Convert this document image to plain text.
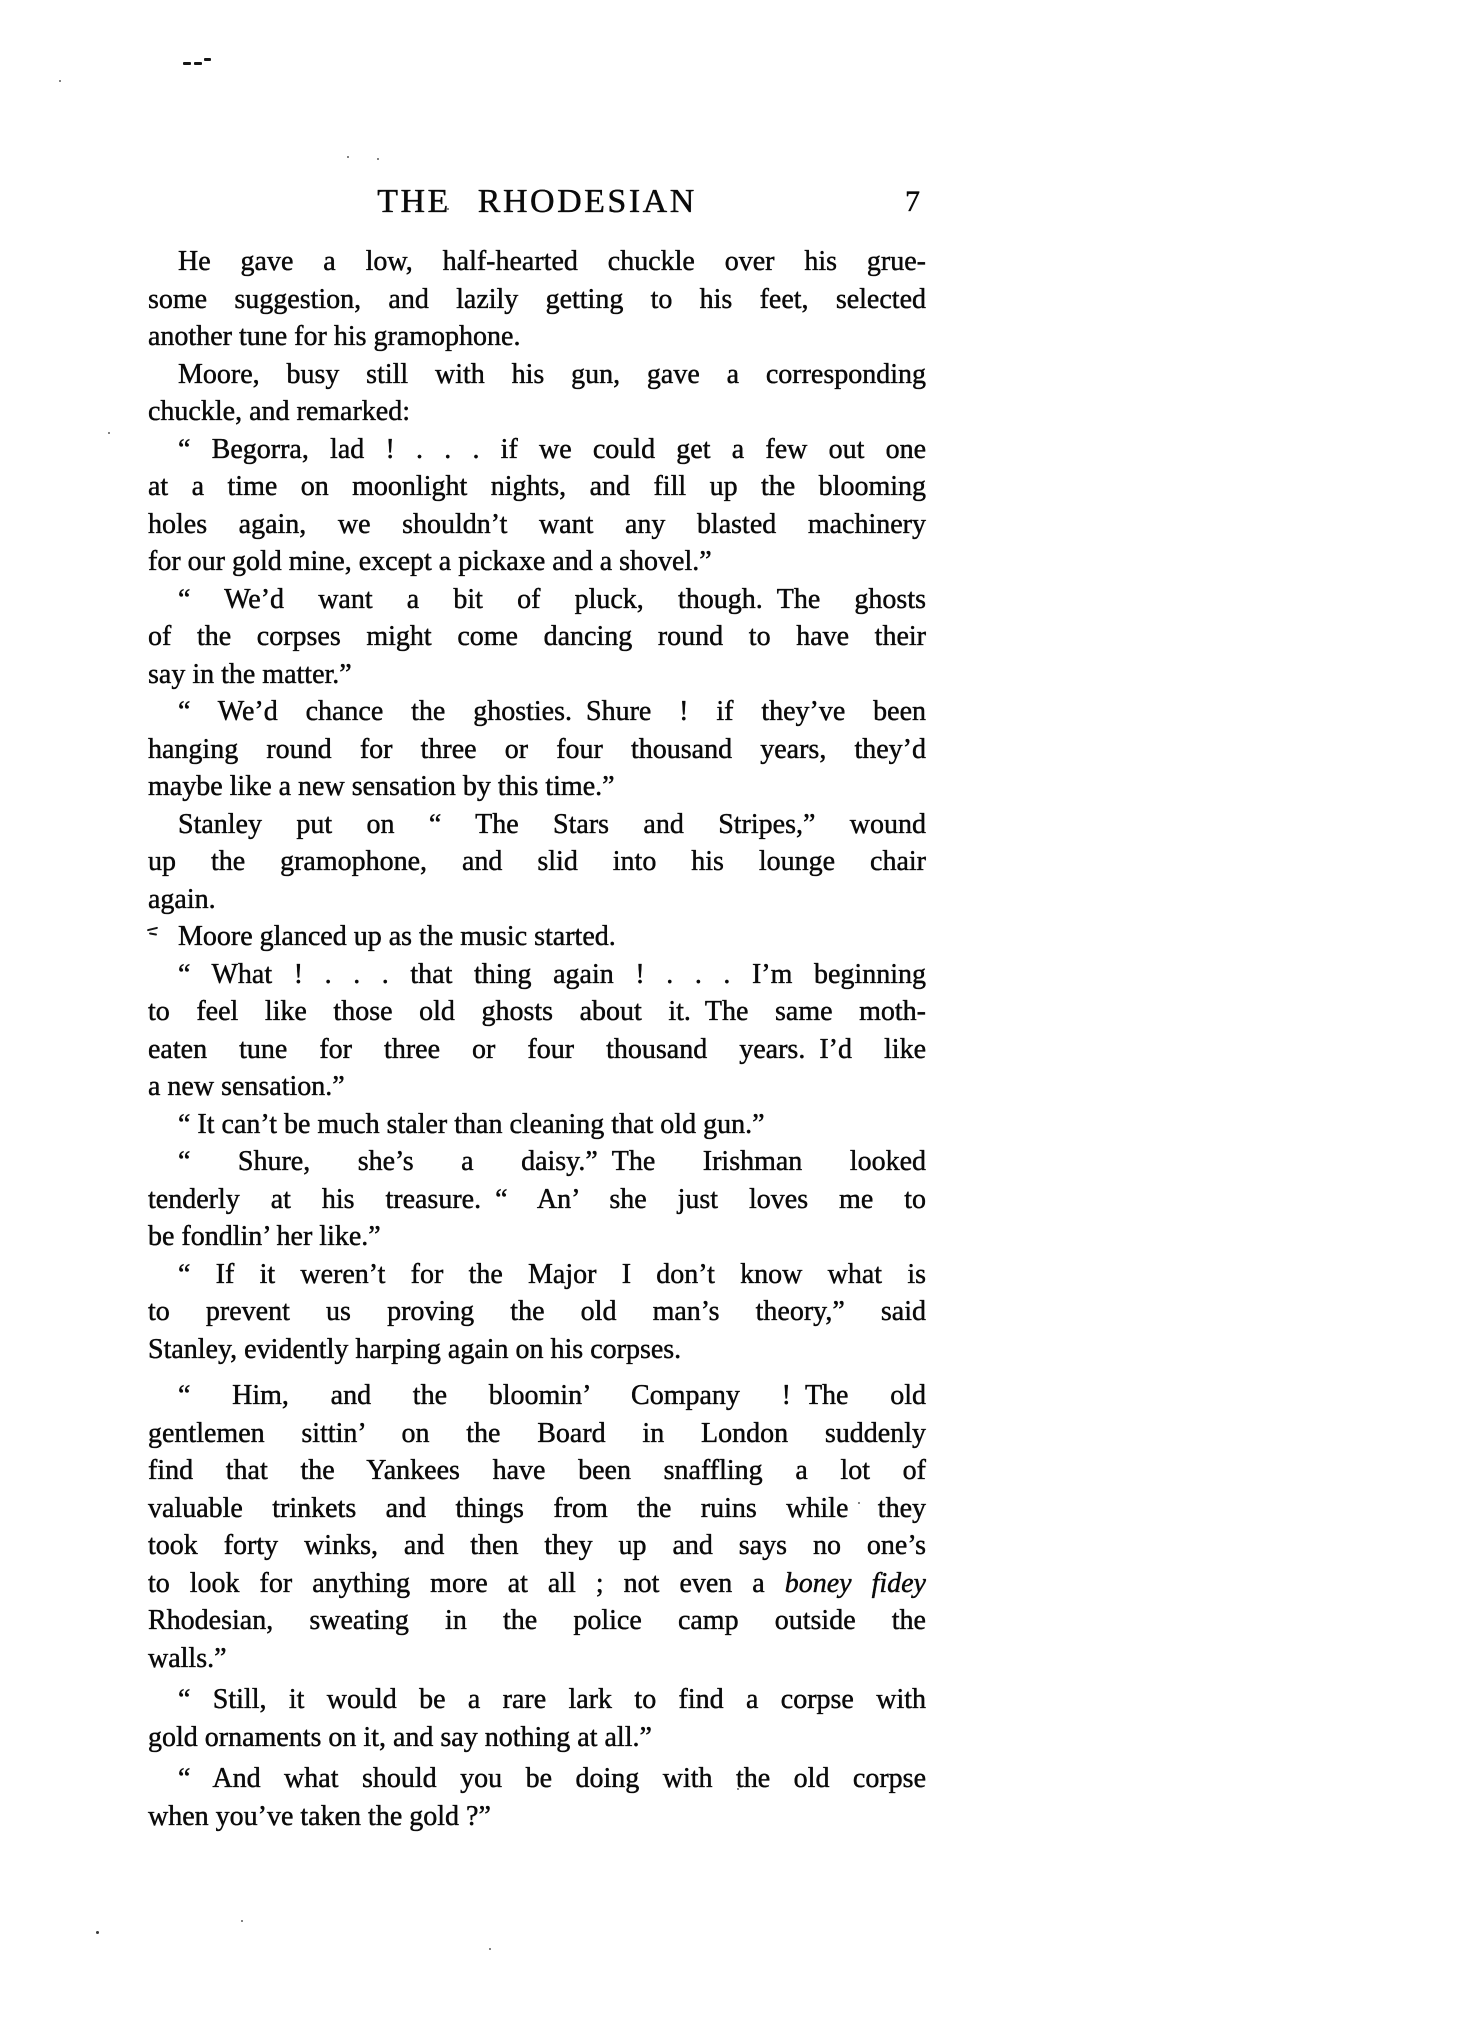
THE RHODESIAN	7
He gave a low, half-hearted chuckle over his grue-
some suggestion, and lazily getting to his feet, selected
another tune for his gramophone.
Moore, busy still with his gun, gave a corresponding
chuckle, and remarked:
“ Begorra, lad ! . . . if we could get a few out one
at a time on moonlight nights, and fill up the blooming
holes again, we shouldn’t want any blasted machinery
for our gold mine, except a pickaxe and a shovel.”
“ We’d want a bit of pluck, though. The ghosts
of the corpses might come dancing round to have their
say in the matter.”
“ We’d chance the ghosties. Shure ! if they’ve been
hanging round for three or four thousand years, they’d
maybe like a new sensation by this time.”
Stanley put on “ The Stars and Stripes,” wound
up the gramophone, and slid into his lounge chair
again.
Moore glanced up as the music started.
“ What ! . . . that thing again ! . . . I’m beginning
to feel like those old ghosts about it. The same moth-
eaten tune for three or four thousand years. I’d like
a new sensation.”
“ It can’t be much staler than cleaning that old gun.”
“ Shure, she’s a daisy.” The Irishman looked
tenderly at his treasure. “ An’ she just loves me to
be fondlin’ her like.”
“ If it weren’t for the Major I don’t know what is
to prevent us proving the old man’s theory,” said
Stanley, evidently harping again on his corpses.
“ Him, and the bloomin’ Company ! The old
gentlemen sittin’ on the Board in London suddenly
find that the Yankees have been snaffling a lot of
valuable trinkets and things from the ruins while they
took forty winks, and then they up and says no one’s
to look for anything more at all ; not even a boney fidey
Rhodesian, sweating in the police camp outside the
walls.”
“ Still, it would be a rare lark to find a corpse with
gold ornaments on it, and say nothing at all.”
“ And what should you be doing with the old corpse
when you’ve taken the gold ?”
